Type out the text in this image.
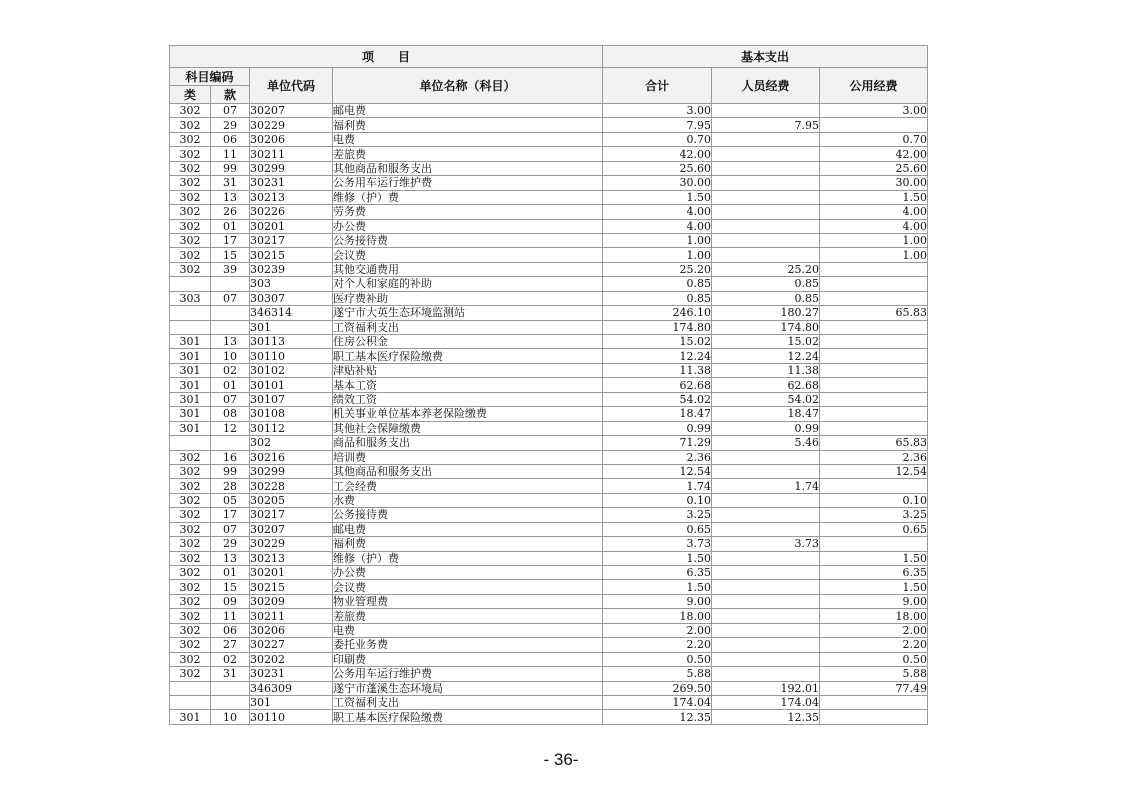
项　　目				基本支出		
科目编码		单位代码	单位名称（科目）	合计	人员经费	公用经费
类	款					
302	07	30207	邮电费	3.00		3.00
302	29	30229	福利费	7.95	7.95	
302	06	30206	电费	0.70		0.70
302	11	30211	差旅费	42.00		42.00
302	99	30299	其他商品和服务支出	25.60		25.60
302	31	30231	公务用车运行维护费	30.00		30.00
302	13	30213	维修（护）费	1.50		1.50
302	26	30226	劳务费	4.00		4.00
302	01	30201	办公费	4.00		4.00
302	17	30217	公务接待费	1.00		1.00
302	15	30215	会议费	1.00		1.00
302	39	30239	其他交通费用	25.20	25.20	
		303	对个人和家庭的补助	0.85	0.85	
303	07	30307	医疗费补助	0.85	0.85	
		346314	遂宁市大英生态环境监测站	246.10	180.27	65.83
		301	工资福利支出	174.80	174.80	
301	13	30113	住房公积金	15.02	15.02	
301	10	30110	职工基本医疗保险缴费	12.24	12.24	
301	02	30102	津贴补贴	11.38	11.38	
301	01	30101	基本工资	62.68	62.68	
301	07	30107	绩效工资	54.02	54.02	
301	08	30108	机关事业单位基本养老保险缴费	18.47	18.47	
301	12	30112	其他社会保障缴费	0.99	0.99	
		302	商品和服务支出	71.29	5.46	65.83
302	16	30216	培训费	2.36		2.36
302	99	30299	其他商品和服务支出	12.54		12.54
302	28	30228	工会经费	1.74	1.74	
302	05	30205	水费	0.10		0.10
302	17	30217	公务接待费	3.25		3.25
302	07	30207	邮电费	0.65		0.65
302	29	30229	福利费	3.73	3.73	
302	13	30213	维修（护）费	1.50		1.50
302	01	30201	办公费	6.35		6.35
302	15	30215	会议费	1.50		1.50
302	09	30209	物业管理费	9.00		9.00
302	11	30211	差旅费	18.00		18.00
302	06	30206	电费	2.00		2.00
302	27	30227	委托业务费	2.20		2.20
302	02	30202	印刷费	0.50		0.50
302	31	30231	公务用车运行维护费	5.88		5.88
		346309	遂宁市蓬溪生态环境局	269.50	192.01	77.49
		301	工资福利支出	174.04	174.04	
301	10	30110	职工基本医疗保险缴费	12.35	12.35	
- 36-
